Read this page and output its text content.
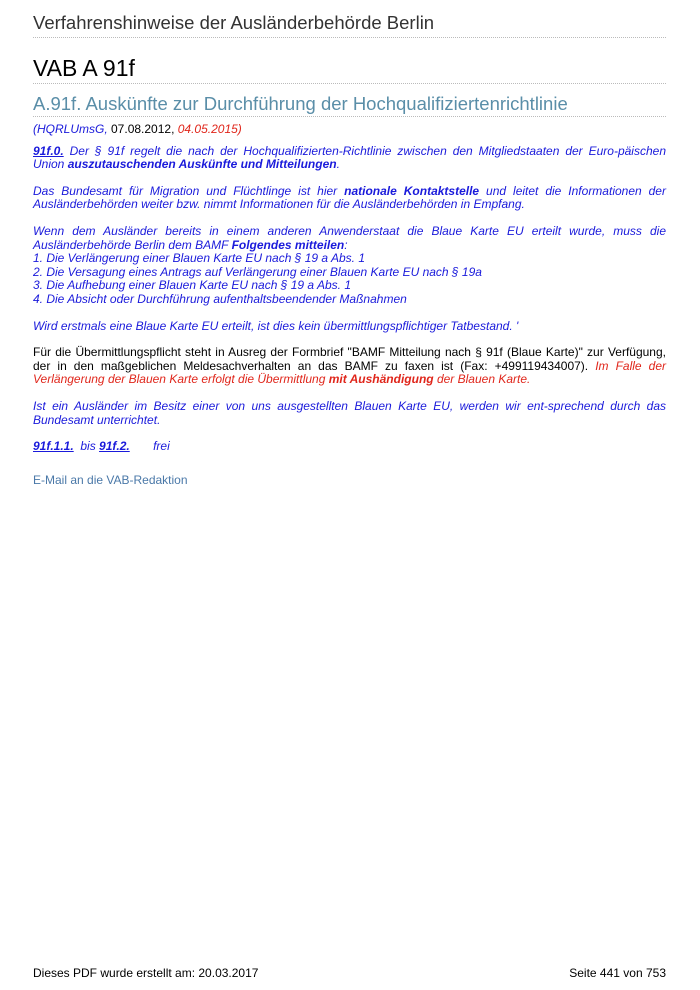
Verfahrenshinweise der Ausländerbehörde Berlin
VAB A 91f
A.91f. Auskünfte zur Durchführung der Hochqualifiziertenrichtlinie

(HQRLUmsG, 07.08.2012, 04.05.2015)

91f.0. Der § 91f regelt die nach der Hochqualifizierten-Richtlinie zwischen den Mitgliedstaaten der Euro-päischen Union auszutauschenden Auskünfte und Mitteilungen.

Das Bundesamt für Migration und Flüchtlinge ist hier nationale Kontaktstelle und leitet die Informationen der Ausländerbehörden weiter bzw. nimmt Informationen für die Ausländerbehörden in Empfang.

Wenn dem Ausländer bereits in einem anderen Anwenderstaat die Blaue Karte EU erteilt wurde, muss die Ausländerbehörde Berlin dem BAMF Folgendes mitteilen:

1. Die Verlängerung einer Blauen Karte EU nach § 19 a Abs. 1
2. Die Versagung eines Antrags auf Verlängerung einer Blauen Karte EU nach § 19a
3. Die Aufhebung einer Blauen Karte EU nach § 19 a Abs. 1
4. Die Absicht oder Durchführung aufenthaltsbeendender Maßnahmen

Wird erstmals eine Blaue Karte EU erteilt, ist dies kein übermittlungspflichtiger Tatbestand. '

Für die Übermittlungspflicht steht in Ausreg der Formbrief "BAMF Mitteilung nach § 91f (Blaue Karte)" zur Verfügung, der in den maßgeblichen Meldesachverhalten an das BAMF zu faxen ist (Fax: +499119434007). Im Falle der Verlängerung der Blauen Karte erfolgt die Übermittlung mit Aushändigung der Blauen Karte.

Ist ein Ausländer im Besitz einer von uns ausgestellten Blauen Karte EU, werden wir ent-sprechend durch das Bundesamt unterrichtet.

91f.1.1.  bis 91f.2.       frei

E-Mail an die VAB-Redaktion
Dieses PDF wurde erstellt am: 20.03.2017	Seite 441 von 753
